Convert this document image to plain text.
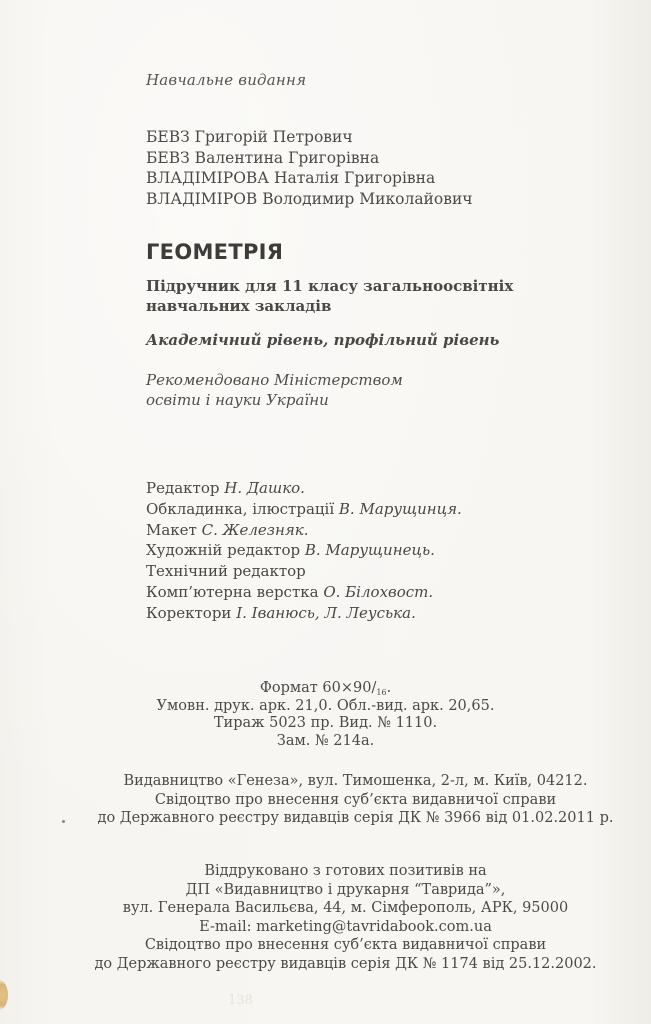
Навчальне видання
БЕВЗ Григорій Петрович
БЕВЗ Валентина Григорівна
ВЛАДІМІРОВА Наталія Григорівна
ВЛАДІМІРОВ Володимир Миколайович
ГЕОМЕТРІЯ
Підручник для 11 класу загальноосвітніх
навчальних закладів
Академічний рівень, профільний рівень
Рекомендовано Міністерством
освіти і науки України
Редактор Н. Дашко.
Обкладинка, ілюстрації В. Марущинця.
Макет С. Железняк.
Художній редактор В. Марущинець.
Технічний редактор
Комп’ютерна верстка О. Білохвост.
Коректори І. Іванюсь, Л. Леуська.
Формат $60\times 90/_{16}$.
Умовн. друк. арк. 21,0. Обл.-вид. арк. 20,65.
Тираж 5023 пр. Вид. № 1110.
Зам. № 214а.
Видавництво «Генеза», вул. Тимошенка, 2-л, м. Київ, 04212.
Свідоцтво про внесення суб’єкта видавничої справи
до Державного реєстру видавців серія ДК № 3966 від 01.02.2011 р.
Віддруковано з готових позитивів на
ДП «Видавництво і друкарня “Таврида”»,
вул. Генерала Васильєва, 44, м. Сімферополь, АРК, 95000
E-mail: marketing@tavridabook.com.ua
Свідоцтво про внесення суб’єкта видавничої справи
до Державного реєстру видавців серія ДК № 1174 від 25.12.2002.
138
